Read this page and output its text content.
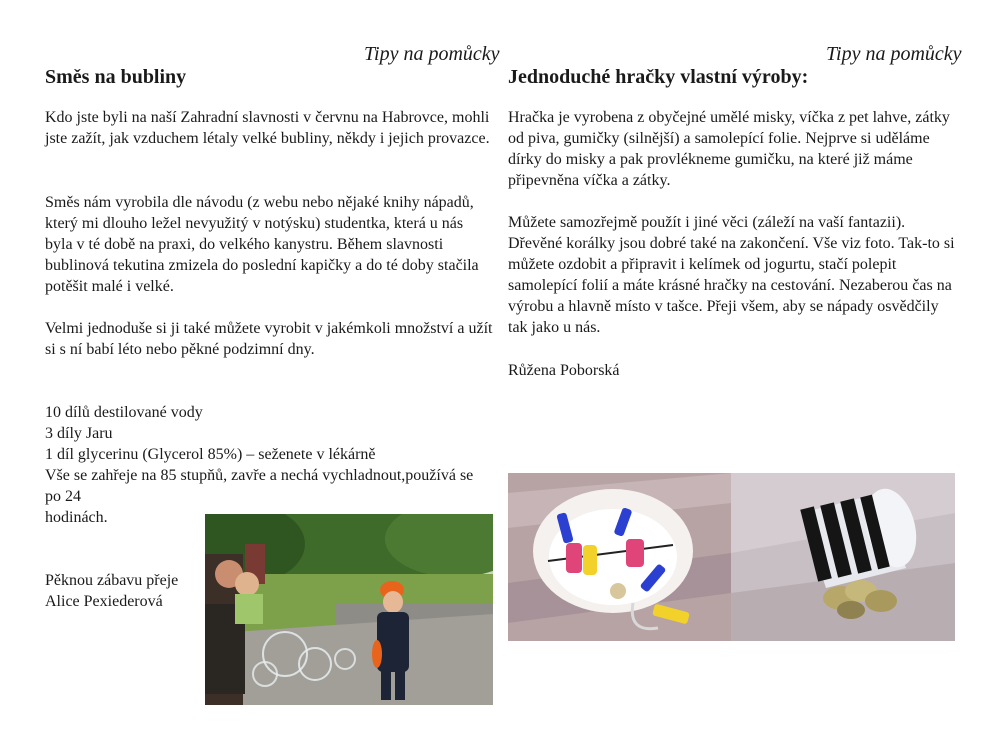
Tipy na pomůcky
Směs na bubliny

Kdo jste byli na naší Zahradní slavnosti v červnu na Habrovce, mohli jste zažít, jak vzduchem létaly velké bubliny, někdy i jejich provazce.

Směs nám vyrobila dle návodu (z webu nebo nějaké knihy nápadů, který mi dlouho ležel nevyužitý v notýsku) studentka, která u nás byla v té době na praxi, do velkého kanystru. Během slavnosti bublinová tekutina zmizela do poslední kapičky a do té doby stačila potěšit malé i velké.

Velmi jednoduše si ji také můžete vyrobit v jakémkoli množství a užít si s ní babí léto nebo pěkné podzimní dny.

10 dílů destilované vody
3 díly Jaru
1 díl glycerinu (Glycerol 85%) – seženete v lékárně
Vše se zahřeje na 85 stupňů, zavře a nechá vychladnout,používá se po 24
hodinách.
Pěknou zábavu přeje
Alice Pexiederová
Tipy na pomůcky
Jednoduché hračky vlastní výroby:

Hračka je vyrobena z obyčejné umělé misky, víčka z pet lahve, zátky od piva, gumičky (silnější) a samolepící folie. Nejprve si uděláme dírky do misky a pak provlékneme gumičku, na které již máme připevněna víčka a zátky.

Můžete samozřejmě použít i jiné věci (záleží na vaší fantazii). Dřevěné korálky jsou dobré také na zakončení. Vše viz foto. Tak-to si můžete ozdobit a připravit i kelímek od jogurtu, stačí polepit samolepící folií a máte krásné hračky na cestování. Nezaberou čas na výrobu a hlavně místo v tašce. Přeji všem, aby se nápady osvědčily tak jako u nás.

Růžena Poborská
